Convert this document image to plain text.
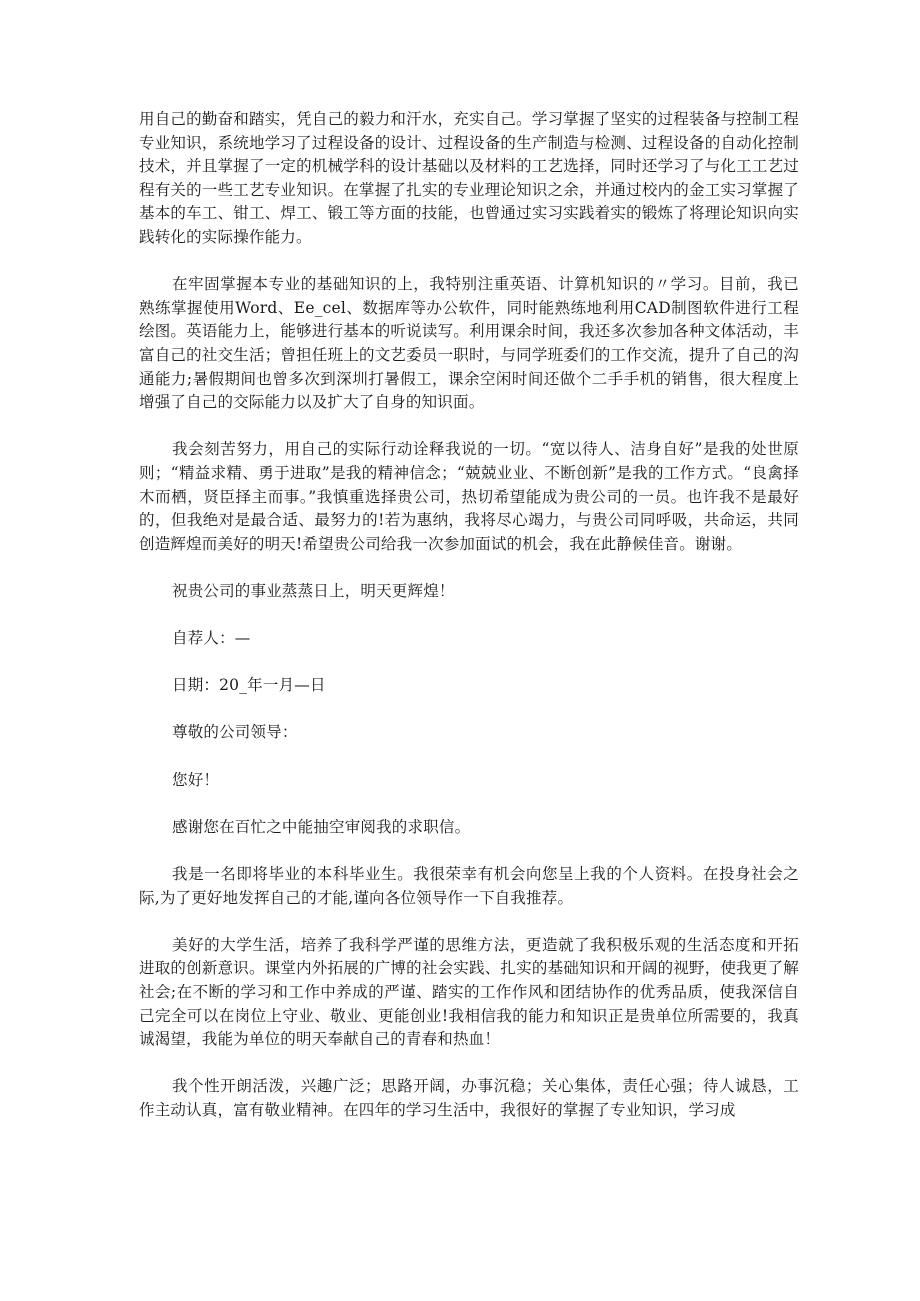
用自己的勤奋和踏实，凭自己的毅力和汗水，充实自己。学习掌握了坚实的过程装备与控制工程专业知识，系统地学习了过程设备的设计、过程设备的生产制造与检测、过程设备的自动化控制技术，并且掌握了一定的机械学科的设计基础以及材料的工艺选择，同时还学习了与化工工艺过程有关的一些工艺专业知识。在掌握了扎实的专业理论知识之余，并通过校内的金工实习掌握了基本的车工、钳工、焊工、锻工等方面的技能，也曾通过实习实践着实的锻炼了将理论知识向实践转化的实际操作能力。

在牢固掌握本专业的基础知识的上，我特别注重英语、计算机知识的〃学习。目前，我已熟练掌握使用Word、Ee_cel、数据库等办公软件，同时能熟练地利用CAD制图软件进行工程绘图。英语能力上，能够进行基本的听说读写。利用课余时间，我还多次参加各种文体活动，丰富自己的社交生活；曾担任班上的文艺委员一职时，与同学班委们的工作交流，提升了自己的沟通能力;暑假期间也曾多次到深圳打暑假工，课余空闲时间还做个二手手机的销售，很大程度上增强了自己的交际能力以及扩大了自身的知识面。

我会刻苦努力，用自己的实际行动诠释我说的一切。“宽以待人、洁身自好”是我的处世原则；“精益求精、勇于进取”是我的精神信念；“兢兢业业、不断创新”是我的工作方式。“良禽择木而栖，贤臣择主而事。”我慎重选择贵公司，热切希望能成为贵公司的一员。也许我不是最好的，但我绝对是最合适、最努力的!若为惠纳，我将尽心竭力，与贵公司同呼吸，共命运，共同创造辉煌而美好的明天!希望贵公司给我一次参加面试的机会，我在此静候佳音。谢谢。

祝贵公司的事业蒸蒸日上，明天更辉煌！

自荐人：—

日期：20_年一月—日

尊敬的公司领导：

您好！

感谢您在百忙之中能抽空审阅我的求职信。

我是一名即将毕业的本科毕业生。我很荣幸有机会向您呈上我的个人资料。在投身社会之际,为了更好地发挥自己的才能,谨向各位领导作一下自我推荐。

美好的大学生活，培养了我科学严谨的思维方法，更造就了我积极乐观的生活态度和开拓进取的创新意识。课堂内外拓展的广博的社会实践、扎实的基础知识和开阔的视野，使我更了解社会;在不断的学习和工作中养成的严谨、踏实的工作作风和团结协作的优秀品质，使我深信自己完全可以在岗位上守业、敬业、更能创业!我相信我的能力和知识正是贵单位所需要的，我真诚渴望，我能为单位的明天奉献自己的青春和热血！

我个性开朗活泼，兴趣广泛；思路开阔，办事沉稳；关心集体，责任心强；待人诚恳，工作主动认真，富有敬业精神。在四年的学习生活中，我很好的掌握了专业知识，学习成
